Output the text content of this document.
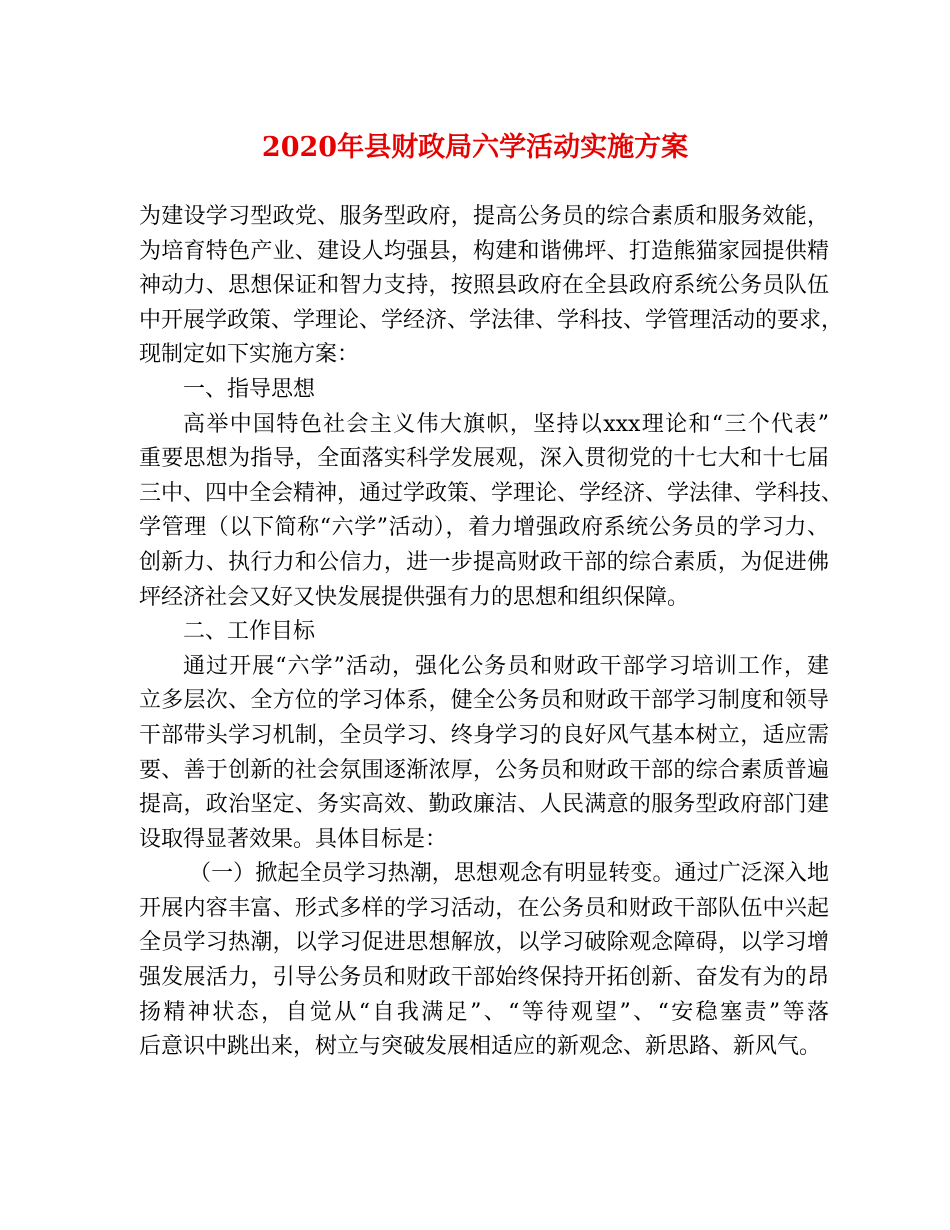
2020年县财政局六学活动实施方案
为建设学习型政党、服务型政府，提高公务员的综合素质和服务效能，
为培育特色产业、建设人均强县，构建和谐佛坪、打造熊猫家园提供精
神动力、思想保证和智力支持，按照县政府在全县政府系统公务员队伍
中开展学政策、学理论、学经济、学法律、学科技、学管理活动的要求，
现制定如下实施方案：
一、指导思想
高举中国特色社会主义伟大旗帜，坚持以xxx理论和“三个代表”
重要思想为指导，全面落实科学发展观，深入贯彻党的十七大和十七届
三中、四中全会精神，通过学政策、学理论、学经济、学法律、学科技、
学管理（以下简称“六学”活动），着力增强政府系统公务员的学习力、
创新力、执行力和公信力，进一步提高财政干部的综合素质，为促进佛
坪经济社会又好又快发展提供强有力的思想和组织保障。
二、工作目标
通过开展“六学”活动，强化公务员和财政干部学习培训工作，建
立多层次、全方位的学习体系，健全公务员和财政干部学习制度和领导
干部带头学习机制，全员学习、终身学习的良好风气基本树立，适应需
要、善于创新的社会氛围逐渐浓厚，公务员和财政干部的综合素质普遍
提高，政治坚定、务实高效、勤政廉洁、人民满意的服务型政府部门建
设取得显著效果。具体目标是：
（一）掀起全员学习热潮，思想观念有明显转变。通过广泛深入地
开展内容丰富、形式多样的学习活动，在公务员和财政干部队伍中兴起
全员学习热潮，以学习促进思想解放，以学习破除观念障碍，以学习增
强发展活力，引导公务员和财政干部始终保持开拓创新、奋发有为的昂
扬精神状态，自觉从“自我满足”、“等待观望”、“安稳塞责”等落
后意识中跳出来，树立与突破发展相适应的新观念、新思路、新风气。
